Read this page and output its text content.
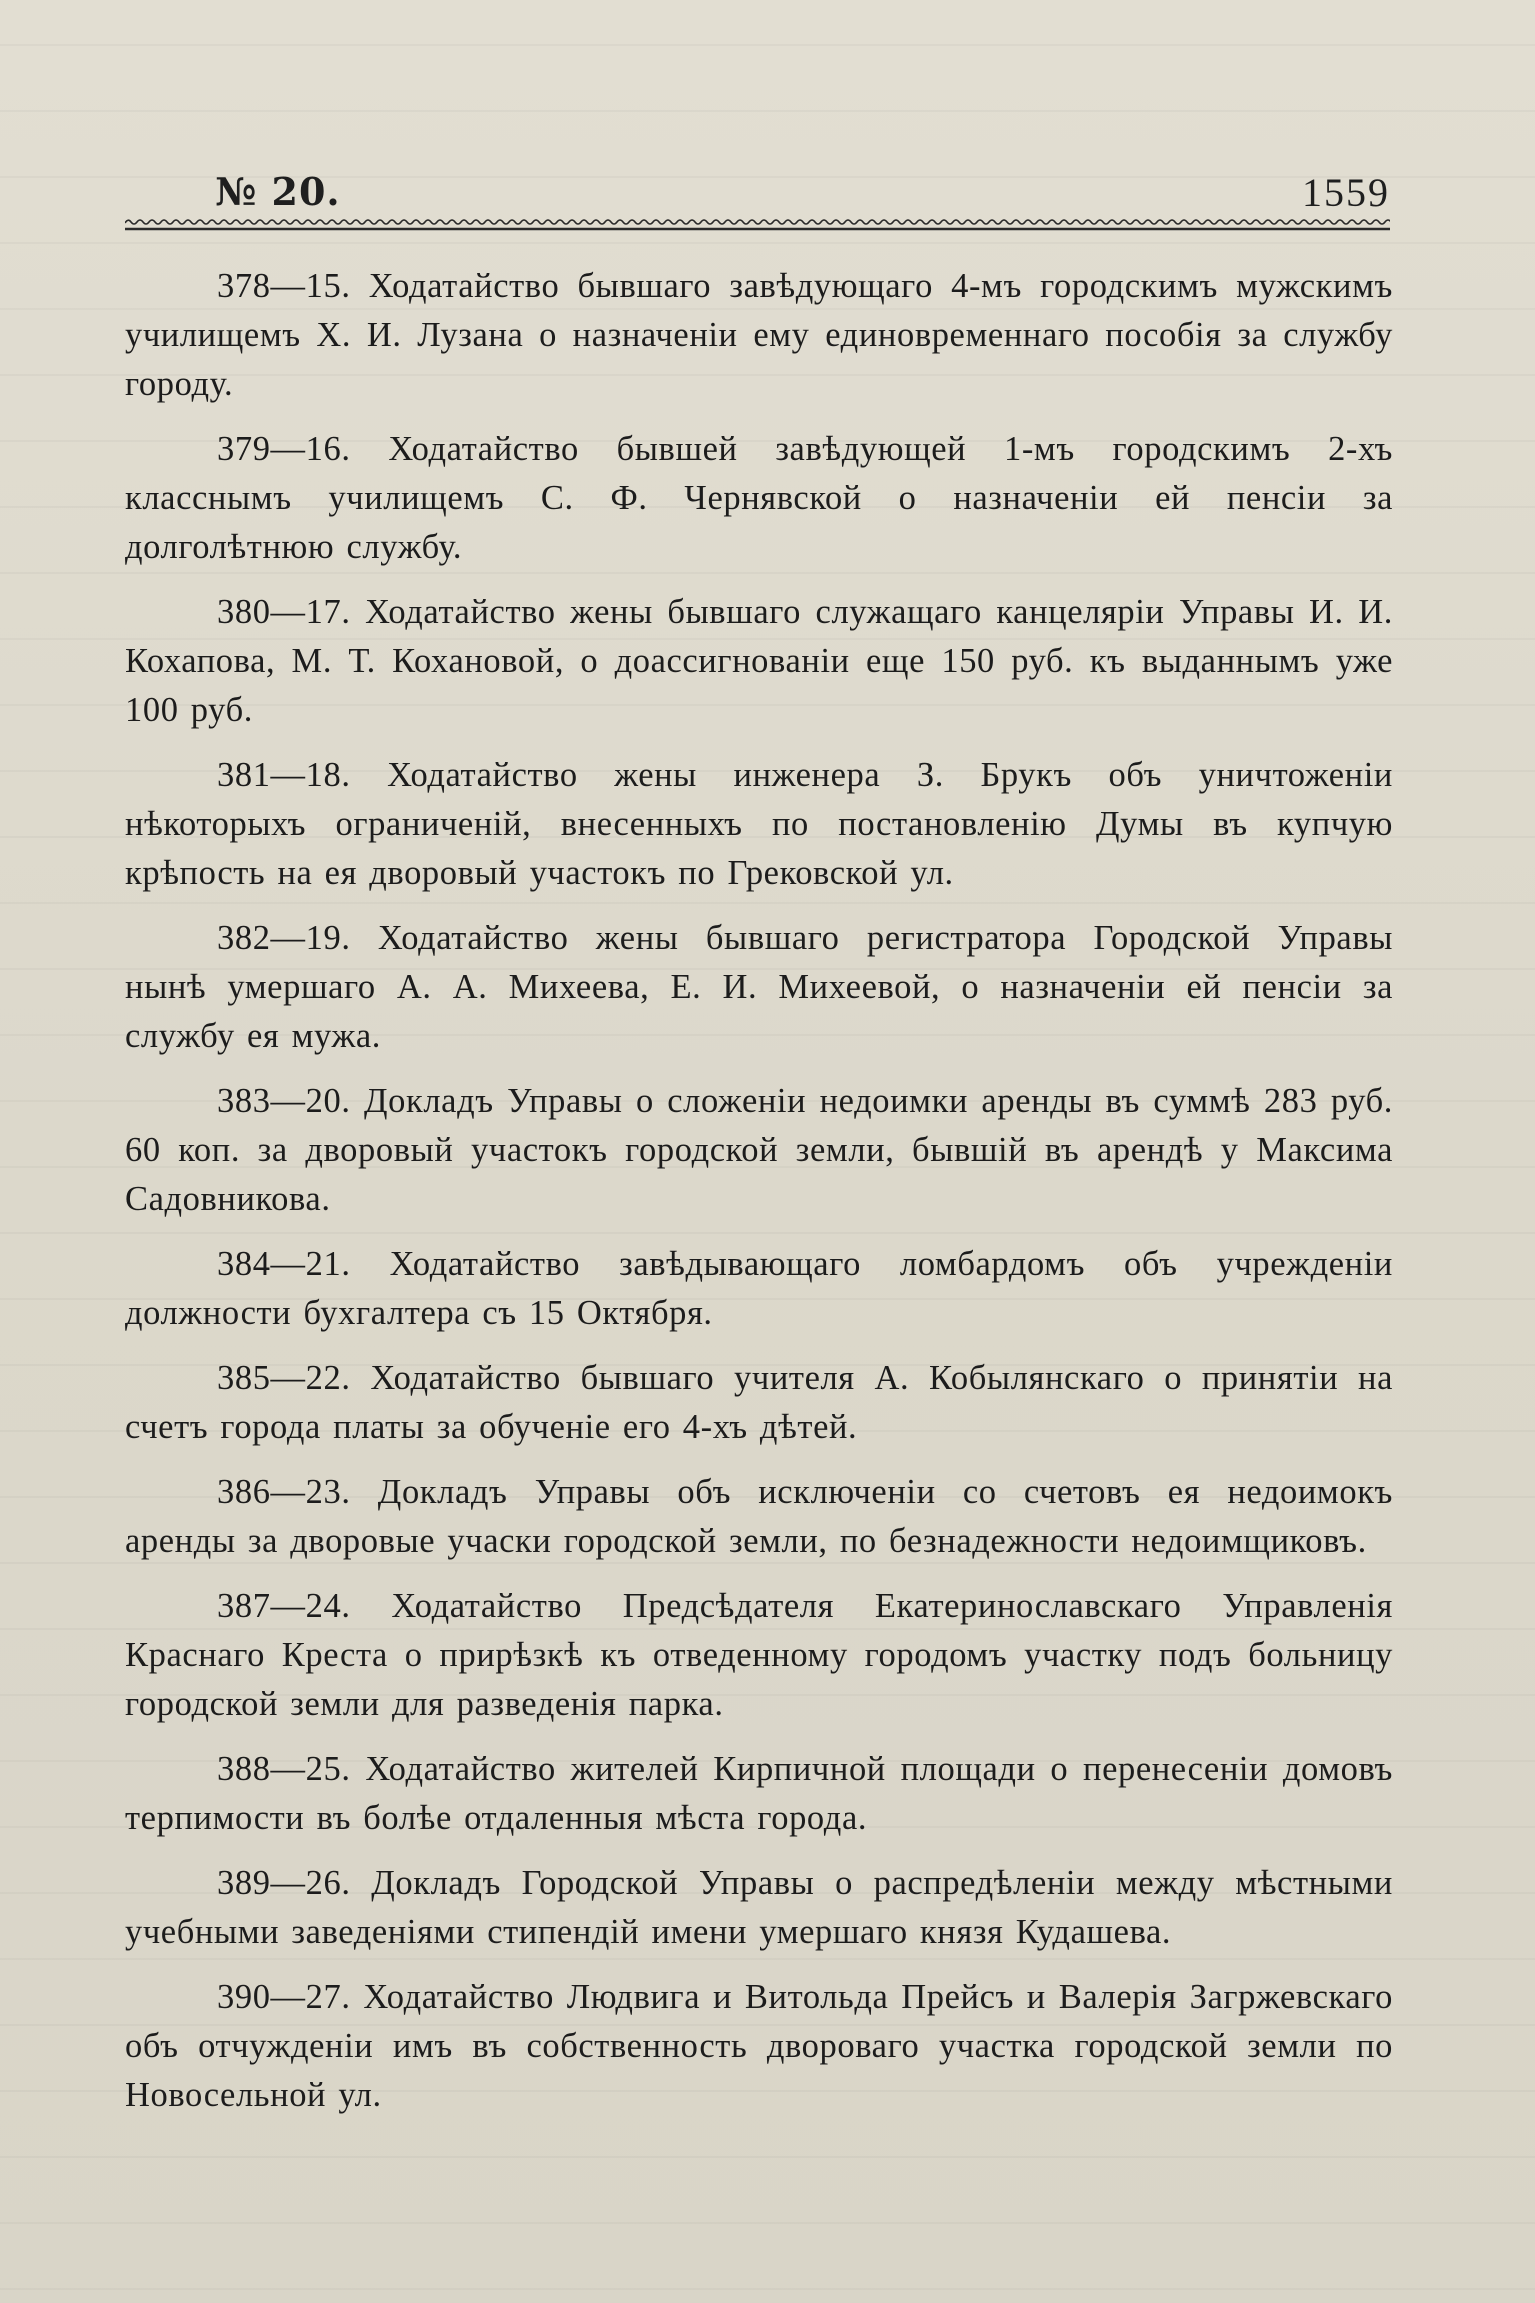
№ 20.	1559

378—15. Ходатайство бывшаго завѣдующаго 4-мъ городскимъ мужскимъ училищемъ Х. И. Лузана о назначеніи ему единовременнаго пособія за службу городу.

379—16. Ходатайство бывшей завѣдующей 1-мъ городскимъ 2-хъ класснымъ училищемъ С. Ф. Чернявской о назначеніи ей пенсіи за долголѣтнюю службу.

380—17. Ходатайство жены бывшаго служащаго канцеляріи Управы И. И. Кохапова, М. Т. Кохановой, о доассигнованіи еще 150 руб. къ выданнымъ уже 100 руб.

381—18. Ходатайство жены инженера З. Брукъ объ уничтоженіи нѣкоторыхъ ограниченій, внесенныхъ по постановленію Думы въ купчую крѣпость на ея дворовый участокъ по Грековской ул.

382—19. Ходатайство жены бывшаго регистратора Городской Управы нынѣ умершаго А. А. Михеева, Е. И. Михеевой, о назначеніи ей пенсіи за службу ея мужа.

383—20. Докладъ Управы о сложеніи недоимки аренды въ суммѣ 283 руб. 60 коп. за дворовый участокъ городской земли, бывшій въ арендѣ у Максима Садовникова.

384—21. Ходатайство завѣдывающаго ломбардомъ объ учрежденіи должности бухгалтера съ 15 Октября.

385—22. Ходатайство бывшаго учителя А. Кобылянскаго о принятіи на счетъ города платы за обученіе его 4-хъ дѣтей.

386—23. Докладъ Управы объ исключеніи со счетовъ ея недоимокъ аренды за дворовые учаски городской земли, по безнадежности недоимщиковъ.

387—24. Ходатайство Предсѣдателя Екатеринославскаго Управленія Краснаго Креста о прирѣзкѣ къ отведенному городомъ участку подъ больницу городской земли для разведенія парка.

388—25. Ходатайство жителей Кирпичной площади о перенесеніи домовъ терпимости въ болѣе отдаленныя мѣста города.

389—26. Докладъ Городской Управы о распредѣленіи между мѣстными учебными заведеніями стипендій имени умершаго князя Кудашева.

390—27. Ходатайство Людвига и Витольда Прейсъ и Валерія Загржевскаго объ отчужденіи имъ въ собственность двороваго участка городской земли по Новосельной ул.
